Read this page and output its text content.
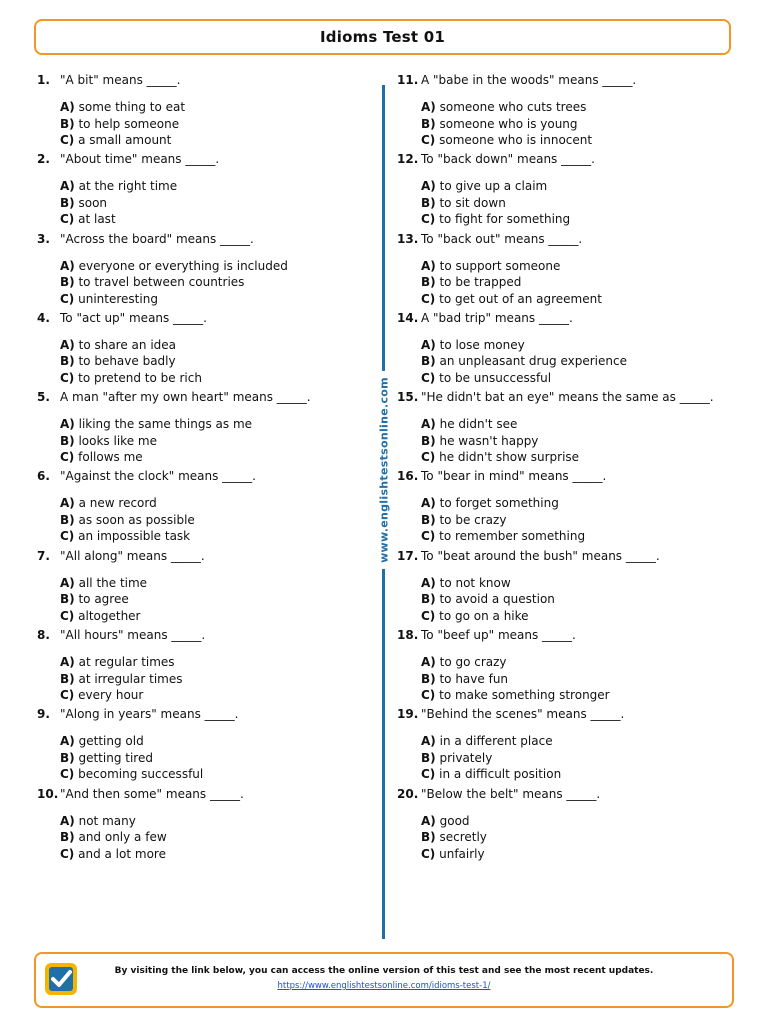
Idioms Test 01
1. "A bit" means _____.
A) some thing to eat
B) to help someone
C) a small amount
2. "About time" means _____.
A) at the right time
B) soon
C) at last
3. "Across the board" means _____.
A) everyone or everything is included
B) to travel between countries
C) uninteresting
4. To "act up" means _____.
A) to share an idea
B) to behave badly
C) to pretend to be rich
5. A man "after my own heart" means _____.
A) liking the same things as me
B) looks like me
C) follows me
6. "Against the clock" means _____.
A) a new record
B) as soon as possible
C) an impossible task
7. "All along" means _____.
A) all the time
B) to agree
C) altogether
8. "All hours" means _____.
A) at regular times
B) at irregular times
C) every hour
9. "Along in years" means _____.
A) getting old
B) getting tired
C) becoming successful
10. "And then some" means _____.
A) not many
B) and only a few
C) and a lot more
11. A "babe in the woods" means _____.
A) someone who cuts trees
B) someone who is young
C) someone who is innocent
12. To "back down" means _____.
A) to give up a claim
B) to sit down
C) to fight for something
13. To "back out" means _____.
A) to support someone
B) to be trapped
C) to get out of an agreement
14. A "bad trip" means _____.
A) to lose money
B) an unpleasant drug experience
C) to be unsuccessful
15. "He didn't bat an eye" means the same as _____.
A) he didn't see
B) he wasn't happy
C) he didn't show surprise
16. To "bear in mind" means _____.
A) to forget something
B) to be crazy
C) to remember something
17. To "beat around the bush" means _____.
A) to not know
B) to avoid a question
C) to go on a hike
18. To "beef up" means _____.
A) to go crazy
B) to have fun
C) to make something stronger
19. "Behind the scenes" means _____.
A) in a different place
B) privately
C) in a difficult position
20. "Below the belt" means _____.
A) good
B) secretly
C) unfairly
www.englishtestsonline.com
By visiting the link below, you can access the online version of this test and see the most recent updates.
https://www.englishtestsonline.com/idioms-test-1/
